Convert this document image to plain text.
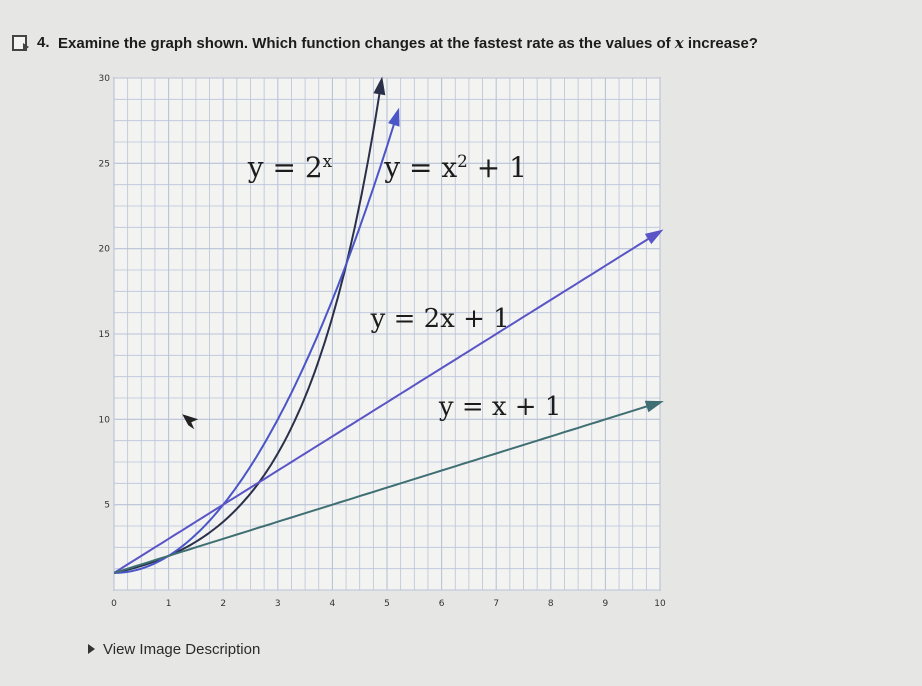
4. Examine the graph shown. Which function changes at the fastest rate as the values of x increase?
0	1	2	3	4	5	6	7	8	9	10
5
10
15
20
25
30
$y = 2^x$ $y = x^2 + 1$
y = 2x + 1
y = x + 1
View Image Description
